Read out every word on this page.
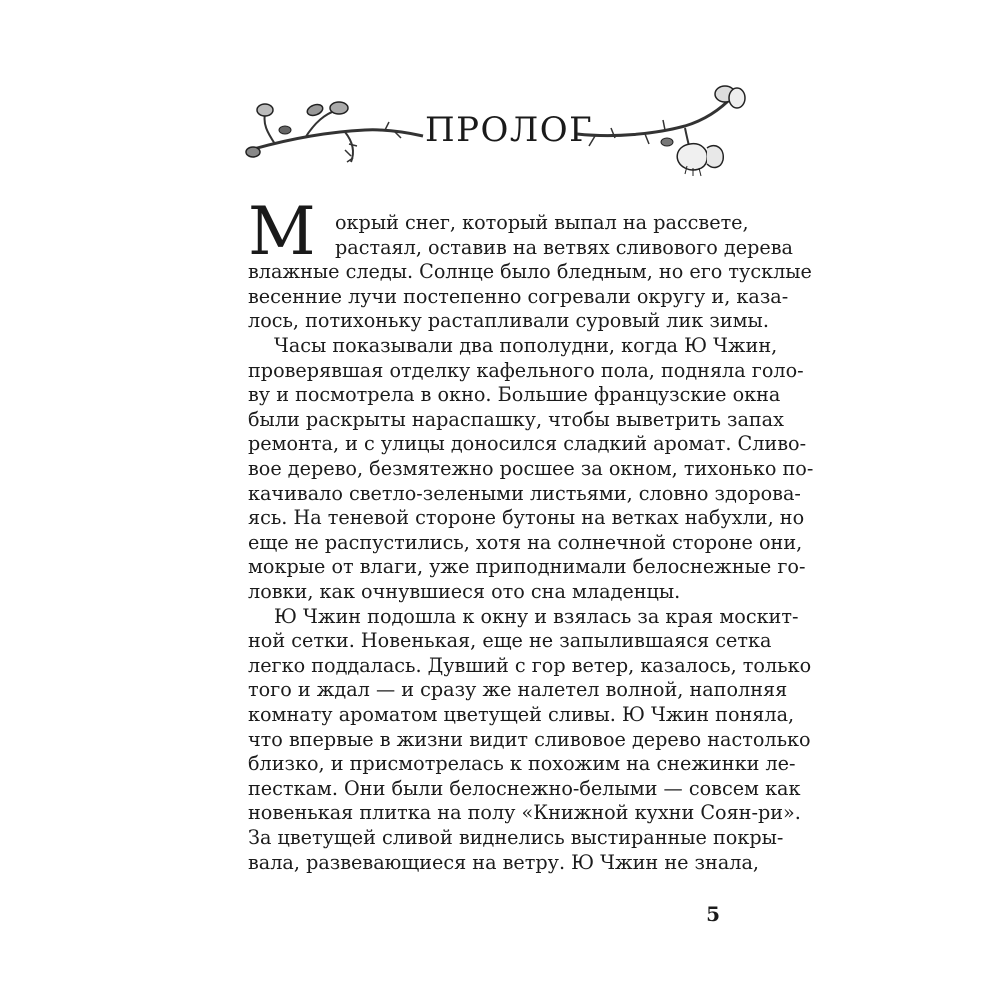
ПРОЛОГ
М	окрый снег, который выпал на рассвете,
растаял, оставив на ветвях сливового дерева
влажные следы. Солнце было бледным, но его тусклые
весенние лучи постепенно согревали округу и, каза-
лось, потихоньку растапливали суровый лик зимы.
Часы показывали два пополудни, когда Ю Чжин,
проверявшая отделку кафельного пола, подняла голо-
ву и посмотрела в окно. Большие французские окна
были раскрыты нараспашку, чтобы выветрить запах
ремонта, и с улицы доносился сладкий аромат. Сливо-
вое дерево, безмятежно росшее за окном, тихонько по-
качивало светло-зелеными листьями, словно здорова-
ясь. На теневой стороне бутоны на ветках набухли, но
еще не распустились, хотя на солнечной стороне они,
мокрые от влаги, уже приподнимали белоснежные го-
ловки, как очнувшиеся ото сна младенцы.
Ю Чжин подошла к окну и взялась за края москит-
ной сетки. Новенькая, еще не запылившаяся сетка
легко поддалась. Дувший с гор ветер, казалось, только
того и ждал — и сразу же налетел волной, наполняя
комнату ароматом цветущей сливы. Ю Чжин поняла,
что впервые в жизни видит сливовое дерево настолько
близко, и присмотрелась к похожим на снежинки ле-
песткам. Они были белоснежно-белыми — совсем как
новенькая плитка на полу «Книжной кухни Соян-ри».
5
За цветущей сливой виднелись выстиранные покры-
вала, развевающиеся на ветру. Ю Чжин не знала,
